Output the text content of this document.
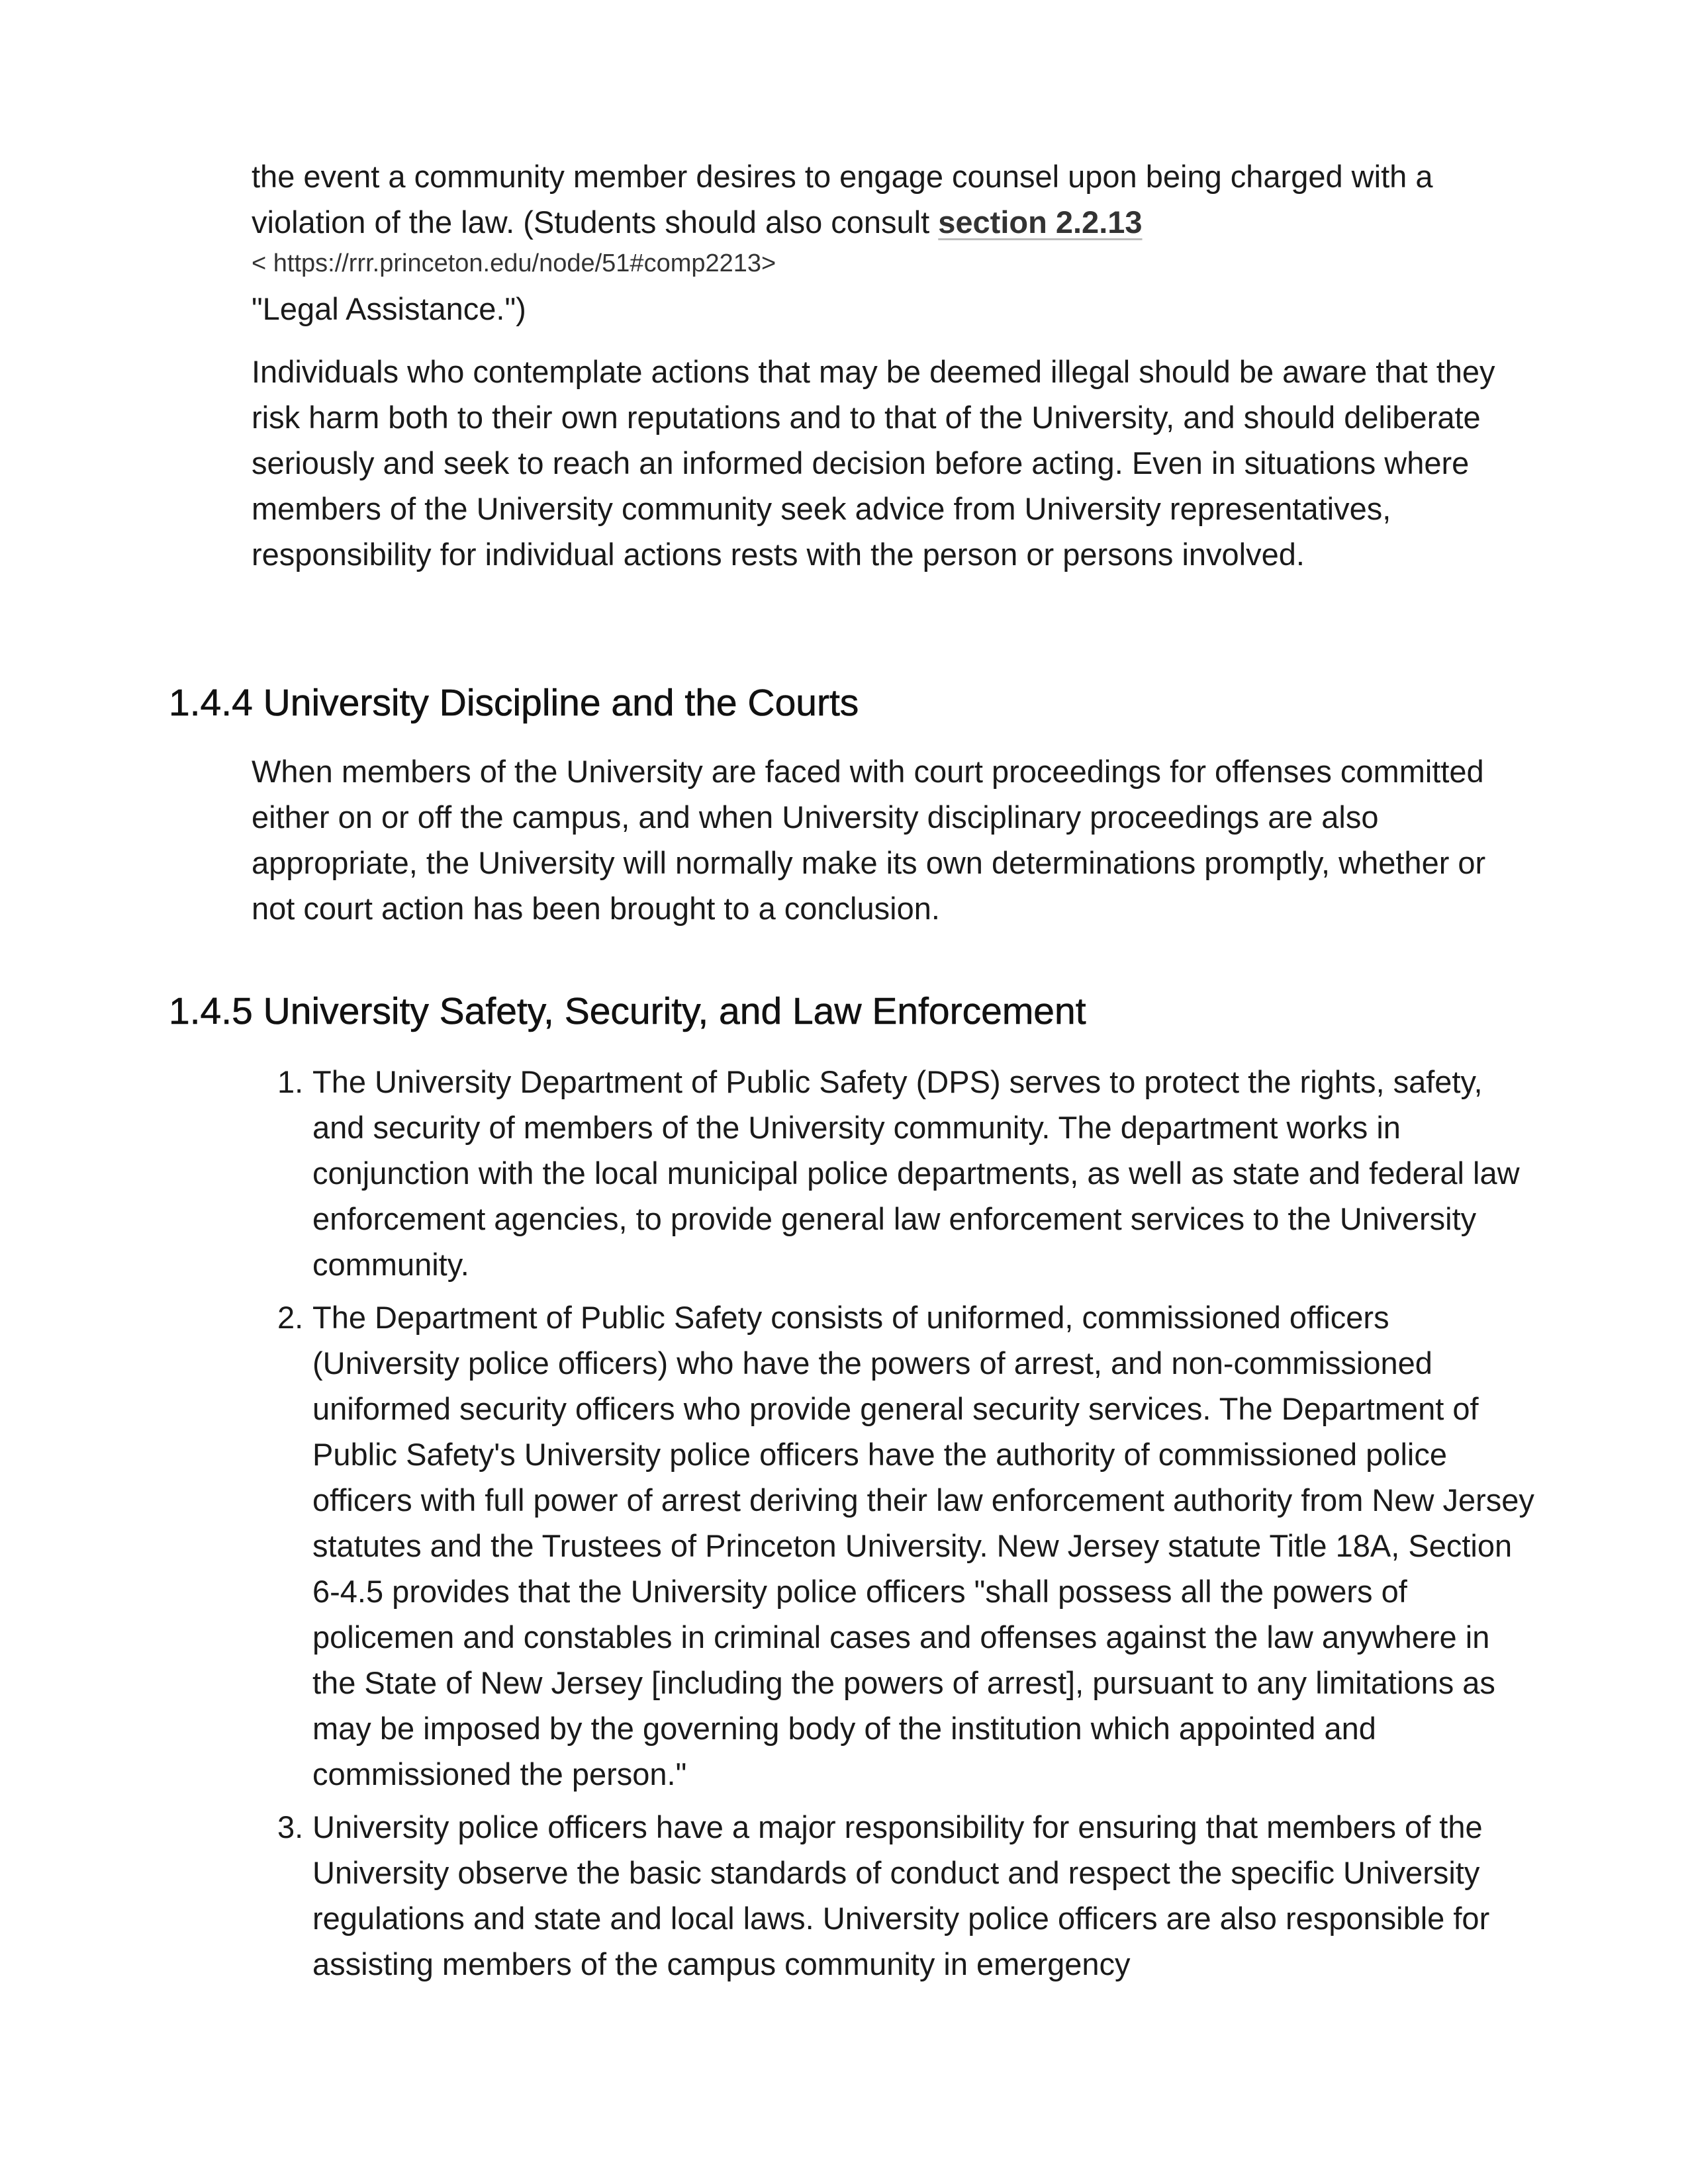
the event a community member desires to engage counsel upon being charged with a violation of the law. (Students should also consult section 2.2.13

< https://rrr.princeton.edu/node/51#comp2213>

"Legal Assistance.")

Individuals who contemplate actions that may be deemed illegal should be aware that they risk harm both to their own reputations and to that of the University, and should deliberate seriously and seek to reach an informed decision before acting. Even in situations where members of the University community seek advice from University representatives, responsibility for individual actions rests with the person or persons involved.

1.4.4 University Discipline and the Courts

When members of the University are faced with court proceedings for offenses committed either on or off the campus, and when University disciplinary proceedings are also appropriate, the University will normally make its own determinations promptly, whether or not court action has been brought to a conclusion.

1.4.5 University Safety, Security, and Law Enforcement
1. The University Department of Public Safety (DPS) serves to protect the rights, safety, and security of members of the University community. The department works in conjunction with the local municipal police departments, as well as state and federal law enforcement agencies, to provide general law enforcement services to the University community.
2. The Department of Public Safety consists of uniformed, commissioned officers (University police officers) who have the powers of arrest, and non-commissioned uniformed security officers who provide general security services. The Department of Public Safety's University police officers have the authority of commissioned police officers with full power of arrest deriving their law enforcement authority from New Jersey statutes and the Trustees of Princeton University. New Jersey statute Title 18A, Section 6-4.5 provides that the University police officers "shall possess all the powers of policemen and constables in criminal cases and offenses against the law anywhere in the State of New Jersey [including the powers of arrest], pursuant to any limitations as may be imposed by the governing body of the institution which appointed and commissioned the person."
3. University police officers have a major responsibility for ensuring that members of the University observe the basic standards of conduct and respect the specific University regulations and state and local laws. University police officers are also responsible for assisting members of the campus community in emergency
